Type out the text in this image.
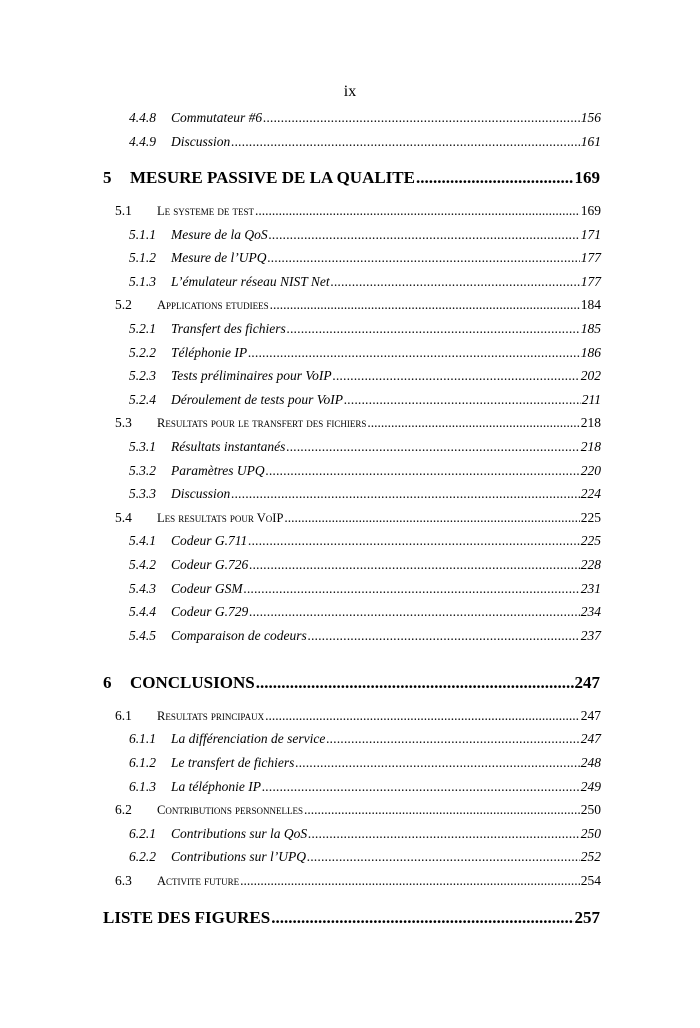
ix
4.4.8 Commutateur #6 .....	156
4.4.9 Discussion .....	161
5 MESURE PASSIVE DE LA QUALITE .....	169
5.1 Le systeme de test .....	169
5.1.1 Mesure de la QoS .....	171
5.1.2 Mesure de l’UPQ .....	177
5.1.3 L’émulateur réseau NIST Net .....	177
5.2 Applications etudiees .....	184
5.2.1 Transfert des fichiers .....	185
5.2.2 Téléphonie IP .....	186
5.2.3 Tests préliminaires pour VoIP .....	202
5.2.4 Déroulement de tests pour VoIP .....	211
5.3 Resultats pour le transfert des fichiers .....	218
5.3.1 Résultats instantanés .....	218
5.3.2 Paramètres UPQ .....	220
5.3.3 Discussion .....	224
5.4 Les resultats pour VoIP .....	225
5.4.1 Codeur G.711 .....	225
5.4.2 Codeur G.726 .....	228
5.4.3 Codeur GSM .....	231
5.4.4 Codeur G.729 .....	234
5.4.5 Comparaison de codeurs .....	237
6 CONCLUSIONS .....	247
6.1 Resultats principaux .....	247
6.1.1 La différenciation de service .....	247
6.1.2 Le transfert de fichiers .....	248
6.1.3 La téléphonie IP .....	249
6.2 Contributions personnelles .....	250
6.2.1 Contributions sur la QoS .....	250
6.2.2 Contributions sur l’UPQ .....	252
6.3 Activite future .....	254
LISTE DES FIGURES .....	257
